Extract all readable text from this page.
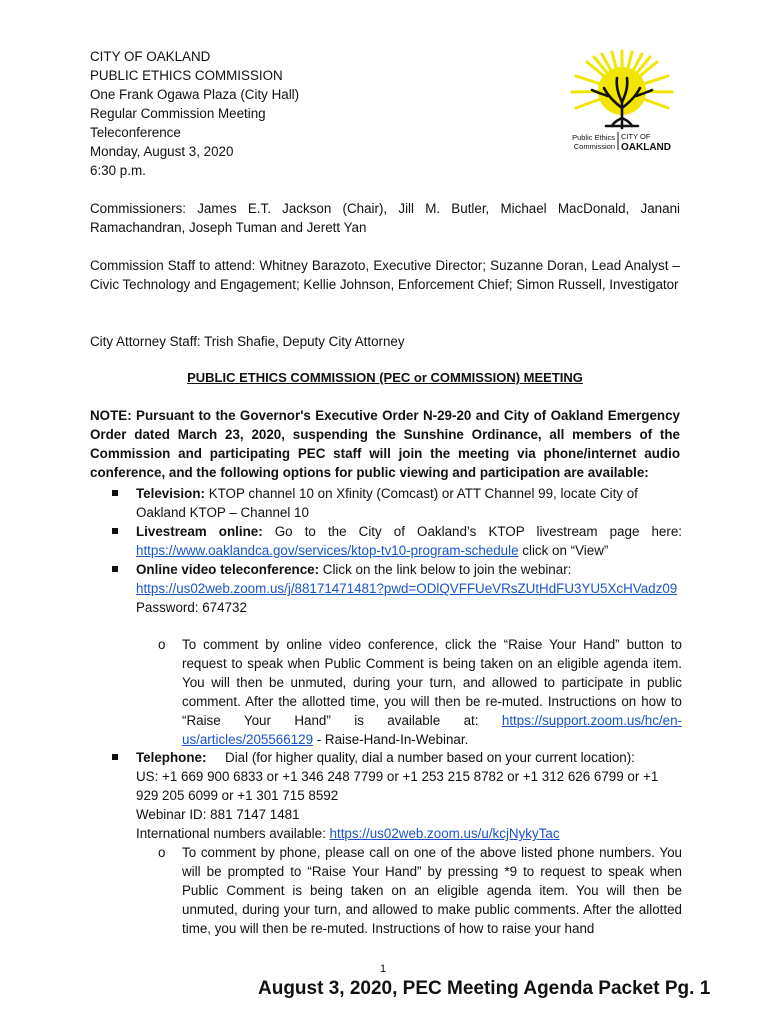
CITY OF OAKLAND
PUBLIC ETHICS COMMISSION
One Frank Ogawa Plaza (City Hall)
Regular Commission Meeting
Teleconference
Monday, August 3, 2020
6:30 p.m.
Public Ethics
Commission
CITY OF
OAKLAND
Commissioners: James E.T. Jackson (Chair), Jill M. Butler, Michael MacDonald, Janani Ramachandran, Joseph Tuman and Jerett Yan
Commission Staff to attend: Whitney Barazoto, Executive Director; Suzanne Doran, Lead Analyst – Civic Technology and Engagement; Kellie Johnson, Enforcement Chief; Simon Russell, Investigator
City Attorney Staff: Trish Shafie, Deputy City Attorney
PUBLIC ETHICS COMMISSION (PEC or COMMISSION) MEETING
NOTE: Pursuant to the Governor's Executive Order N-29-20 and City of Oakland Emergency Order dated March 23, 2020, suspending the Sunshine Ordinance, all members of the Commission and participating PEC staff will join the meeting via phone/internet audio conference, and the following options for public viewing and participation are available:
Television: KTOP channel 10 on Xfinity (Comcast) or ATT Channel 99, locate City of Oakland KTOP – Channel 10
Livestream online: Go to the City of Oakland’s KTOP livestream page here: https://www.oaklandca.gov/services/ktop-tv10-program-schedule click on “View”
Online video teleconference: Click on the link below to join the webinar:
https://us02web.zoom.us/j/88171471481?pwd=ODlQVFFUeVRsZUtHdFU3YU5XcHVadz09
Password: 674732
o To comment by online video conference, click the “Raise Your Hand” button to request to speak when Public Comment is being taken on an eligible agenda item. You will then be unmuted, during your turn, and allowed to participate in public comment. After the allotted time, you will then be re-muted. Instructions on how to “Raise Your Hand” is available at: https://support.zoom.us/hc/en-us/articles/205566129 - Raise-Hand-In-Webinar.
Telephone:     Dial (for higher quality, dial a number based on your current location):
US: +1 669 900 6833 or +1 346 248 7799 or +1 253 215 8782 or +1 312 626 6799 or +1 929 205 6099 or +1 301 715 8592
Webinar ID: 881 7147 1481
International numbers available: https://us02web.zoom.us/u/kcjNykyTac
o To comment by phone, please call on one of the above listed phone numbers. You will be prompted to “Raise Your Hand” by pressing *9 to request to speak when Public Comment is being taken on an eligible agenda item. You will then be unmuted, during your turn, and allowed to make public comments. After the allotted time, you will then be re-muted. Instructions of how to raise your hand
1
August 3, 2020, PEC Meeting Agenda Packet Pg. 1
